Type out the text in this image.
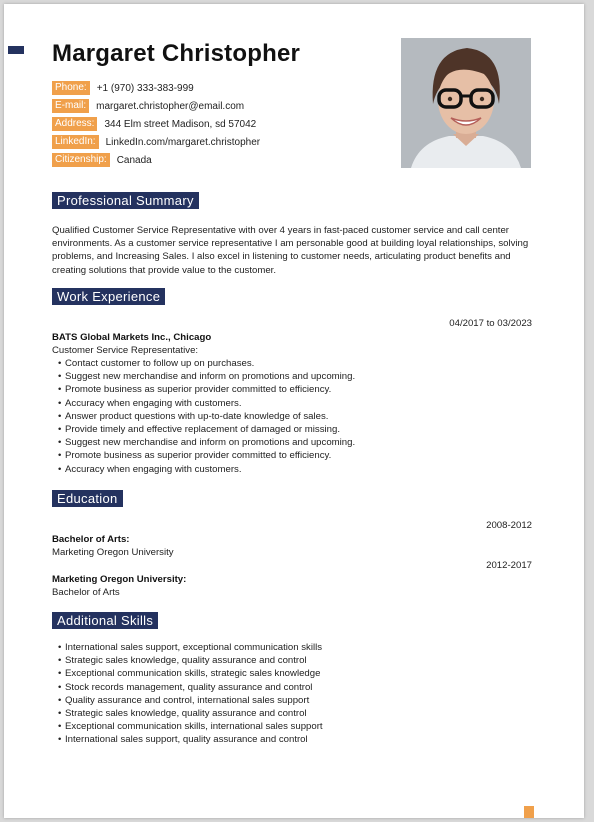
Margaret Christopher
Phone:	+1 (970) 333-383-999
E-mail:	margaret.christopher@email.com
Address:	344 Elm street Madison, sd 57042
LinkedIn:	LinkedIn.com/margaret.christopher
Citizenship:	Canada
Professional Summary
Qualified Customer Service Representative with over 4 years in fast-paced customer service and call center environments. As a customer service representative I am personable good at building loyal relationships, solving problems, and Increasing Sales. I also excel in listening to customer needs, articulating product benefits and creating solutions that provide value to the customer.
Work Experience
04/2017 to 03/2023
BATS Global Markets Inc., Chicago
Customer Service Representative:
• Contact customer to follow up on purchases.
• Suggest new merchandise and inform on promotions and upcoming.
• Promote business as superior provider committed to efficiency.
• Accuracy when engaging with customers.
• Answer product questions with up-to-date knowledge of sales.
• Provide timely and effective replacement of damaged or missing.
• Suggest new merchandise and inform on promotions and upcoming.
• Promote business as superior provider committed to efficiency.
• Accuracy when engaging with customers.
Education
2008-2012
Bachelor of Arts:
Marketing Oregon University
2012-2017
Marketing Oregon University:
Bachelor of Arts
Additional Skills
• International sales support, exceptional communication skills
• Strategic sales knowledge, quality assurance and control
• Exceptional communication skills, strategic sales knowledge
• Stock records management, quality assurance and control
• Quality assurance and control, international sales support
• Strategic sales knowledge, quality assurance and control
• Exceptional communication skills, international sales support
• International sales support, quality assurance and control
